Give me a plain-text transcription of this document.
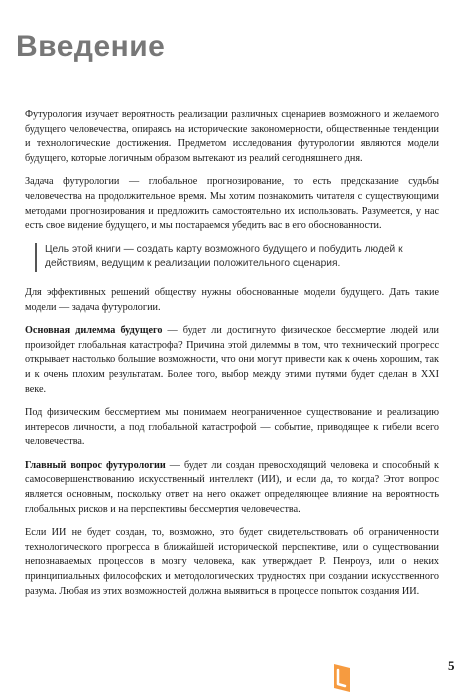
Введение

Футурология изучает вероятность реализации различных сценариев возможного и желаемого будущего человечества, опираясь на исторические закономерности, общественные тенденции и технологические достижения. Предметом исследования футурологии являются модели будущего, которые логичным образом вытекают из реалий сегодняшнего дня.

Задача футурологии — глобальное прогнозирование, то есть предсказание судьбы человечества на продолжительное время. Мы хотим познакомить читателя с существующими методами прогнозирования и предложить самостоятельно их использовать. Разумеется, у нас есть свое видение будущего, и мы постараемся убедить вас в его обоснованности.

Цель этой книги — создать карту возможного будущего и побудить людей к действиям, ведущим к реализации положительного сценария.

Для эффективных решений обществу нужны обоснованные модели будущего. Дать такие модели — задача футурологии.

Основная дилемма будущего — будет ли достигнуто физическое бессмертие людей или произойдет глобальная катастрофа? Причина этой дилеммы в том, что технический прогресс открывает настолько большие возможности, что они могут привести как к очень хорошим, так и к очень плохим результатам. Более того, выбор между этими путями будет сделан в XXI веке.

Под физическим бессмертием мы понимаем неограниченное существование и реализацию интересов личности, а под глобальной катастрофой — событие, приводящее к гибели всего человечества.

Главный вопрос футурологии — будет ли создан превосходящий человека и способный к самосовершенствованию искусственный интеллект (ИИ), и если да, то когда? Этот вопрос является основным, поскольку ответ на него окажет определяющее влияние на вероятность глобальных рисков и на перспективы бессмертия человечества.

Если ИИ не будет создан, то, возможно, это будет свидетельствовать об ограниченности технологического прогресса в ближайшей исторической перспективе, или о существовании непознаваемых процессов в мозгу человека, как утверждает Р. Пенроуз, или о неких принципиальных философских и методологических трудностях при создании искусственного разума. Любая из этих возможностей должна выявиться в процессе попыток создания ИИ.

5
